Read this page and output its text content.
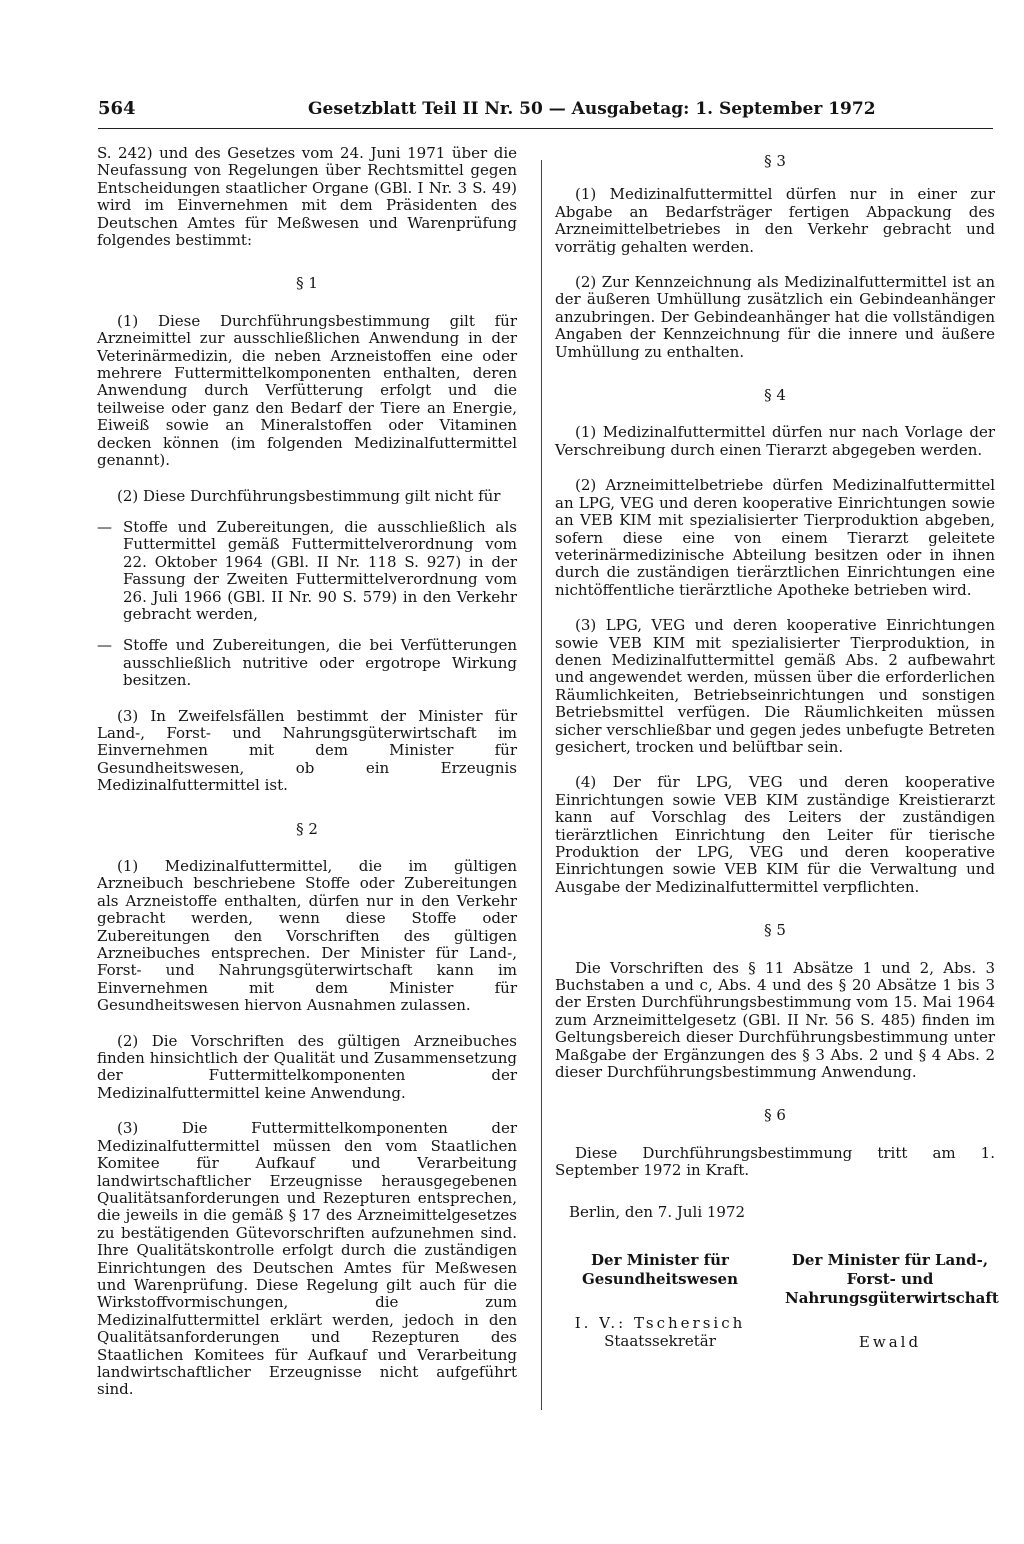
564	Gesetzblatt Teil II Nr. 50 — Ausgabetag: 1. September 1972

S. 242) und des Gesetzes vom 24. Juni 1971 über die Neufassung von Regelungen über Rechtsmittel gegen Entscheidungen staatlicher Organe (GBl. I Nr. 3 S. 49) wird im Einvernehmen mit dem Präsidenten des Deutschen Amtes für Meßwesen und Warenprüfung folgendes bestimmt:

§ 1

(1) Diese Durchführungsbestimmung gilt für Arzneimittel zur ausschließlichen Anwendung in der Veterinärmedizin, die neben Arzneistoffen eine oder mehrere Futtermittelkomponenten enthalten, deren Anwendung durch Verfütterung erfolgt und die teilweise oder ganz den Bedarf der Tiere an Energie, Eiweiß sowie an Mineralstoffen oder Vitaminen decken können (im folgenden Medizinalfuttermittel genannt).

(2) Diese Durchführungsbestimmung gilt nicht für

— Stoffe und Zubereitungen, die ausschließlich als Futtermittel gemäß Futtermittelverordnung vom 22. Oktober 1964 (GBl. II Nr. 118 S. 927) in der Fassung der Zweiten Futtermittelverordnung vom 26. Juli 1966 (GBl. II Nr. 90 S. 579) in den Verkehr gebracht werden,
— Stoffe und Zubereitungen, die bei Verfütterungen ausschließlich nutritive oder ergotrope Wirkung besitzen.

(3) In Zweifelsfällen bestimmt der Minister für Land-, Forst- und Nahrungsgüterwirtschaft im Einvernehmen mit dem Minister für Gesundheitswesen, ob ein Erzeugnis Medizinalfuttermittel ist.

§ 2

(1) Medizinalfuttermittel, die im gültigen Arzneibuch beschriebene Stoffe oder Zubereitungen als Arzneistoffe enthalten, dürfen nur in den Verkehr gebracht werden, wenn diese Stoffe oder Zubereitungen den Vorschriften des gültigen Arzneibuches entsprechen. Der Minister für Land-, Forst- und Nahrungsgüterwirtschaft kann im Einvernehmen mit dem Minister für Gesundheitswesen hiervon Ausnahmen zulassen.

(2) Die Vorschriften des gültigen Arzneibuches finden hinsichtlich der Qualität und Zusammensetzung der Futtermittelkomponenten der Medizinalfuttermittel keine Anwendung.

(3) Die Futtermittelkomponenten der Medizinalfuttermittel müssen den vom Staatlichen Komitee für Aufkauf und Verarbeitung landwirtschaftlicher Erzeugnisse herausgegebenen Qualitätsanforderungen und Rezepturen entsprechen, die jeweils in die gemäß § 17 des Arzneimittelgesetzes zu bestätigenden Gütevorschriften aufzunehmen sind. Ihre Qualitätskontrolle erfolgt durch die zuständigen Einrichtungen des Deutschen Amtes für Meßwesen und Warenprüfung. Diese Regelung gilt auch für die Wirkstoffvormischungen, die zum Medizinalfuttermittel erklärt werden, jedoch in den Qualitätsanforderungen und Rezepturen des Staatlichen Komitees für Aufkauf und Verarbeitung landwirtschaftlicher Erzeugnisse nicht aufgeführt sind.

§ 3

(1) Medizinalfuttermittel dürfen nur in einer zur Abgabe an Bedarfsträger fertigen Abpackung des Arzneimittelbetriebes in den Verkehr gebracht und vorrätig gehalten werden.

(2) Zur Kennzeichnung als Medizinalfuttermittel ist an der äußeren Umhüllung zusätzlich ein Gebindeanhänger anzubringen. Der Gebindeanhänger hat die vollständigen Angaben der Kennzeichnung für die innere und äußere Umhüllung zu enthalten.

§ 4

(1) Medizinalfuttermittel dürfen nur nach Vorlage der Verschreibung durch einen Tierarzt abgegeben werden.

(2) Arzneimittelbetriebe dürfen Medizinalfuttermittel an LPG, VEG und deren kooperative Einrichtungen sowie an VEB KIM mit spezialisierter Tierproduktion abgeben, sofern diese eine von einem Tierarzt geleitete veterinärmedizinische Abteilung besitzen oder in ihnen durch die zuständigen tierärztlichen Einrichtungen eine nichtöffentliche tierärztliche Apotheke betrieben wird.

(3) LPG, VEG und deren kooperative Einrichtungen sowie VEB KIM mit spezialisierter Tierproduktion, in denen Medizinalfuttermittel gemäß Abs. 2 aufbewahrt und angewendet werden, müssen über die erforderlichen Räumlichkeiten, Betriebseinrichtungen und sonstigen Betriebsmittel verfügen. Die Räumlichkeiten müssen sicher verschließbar und gegen jedes unbefugte Betreten gesichert, trocken und belüftbar sein.

(4) Der für LPG, VEG und deren kooperative Einrichtungen sowie VEB KIM zuständige Kreistierarzt kann auf Vorschlag des Leiters der zuständigen tierärztlichen Einrichtung den Leiter für tierische Produktion der LPG, VEG und deren kooperative Einrichtungen sowie VEB KIM für die Verwaltung und Ausgabe der Medizinalfuttermittel verpflichten.

§ 5

Die Vorschriften des § 11 Absätze 1 und 2, Abs. 3 Buchstaben a und c, Abs. 4 und des § 20 Absätze 1 bis 3 der Ersten Durchführungsbestimmung vom 15. Mai 1964 zum Arzneimittelgesetz (GBl. II Nr. 56 S. 485) finden im Geltungsbereich dieser Durchführungsbestimmung unter Maßgabe der Ergänzungen des § 3 Abs. 2 und § 4 Abs. 2 dieser Durchführungsbestimmung Anwendung.

§ 6

Diese Durchführungsbestimmung tritt am 1. September 1972 in Kraft.

Berlin, den 7. Juli 1972

Der Minister für Gesundheitswesen
I. V.: Tschersich
Staatssekretär
Der Minister für Land-, Forst- und Nahrungsgüterwirtschaft
Ewald
